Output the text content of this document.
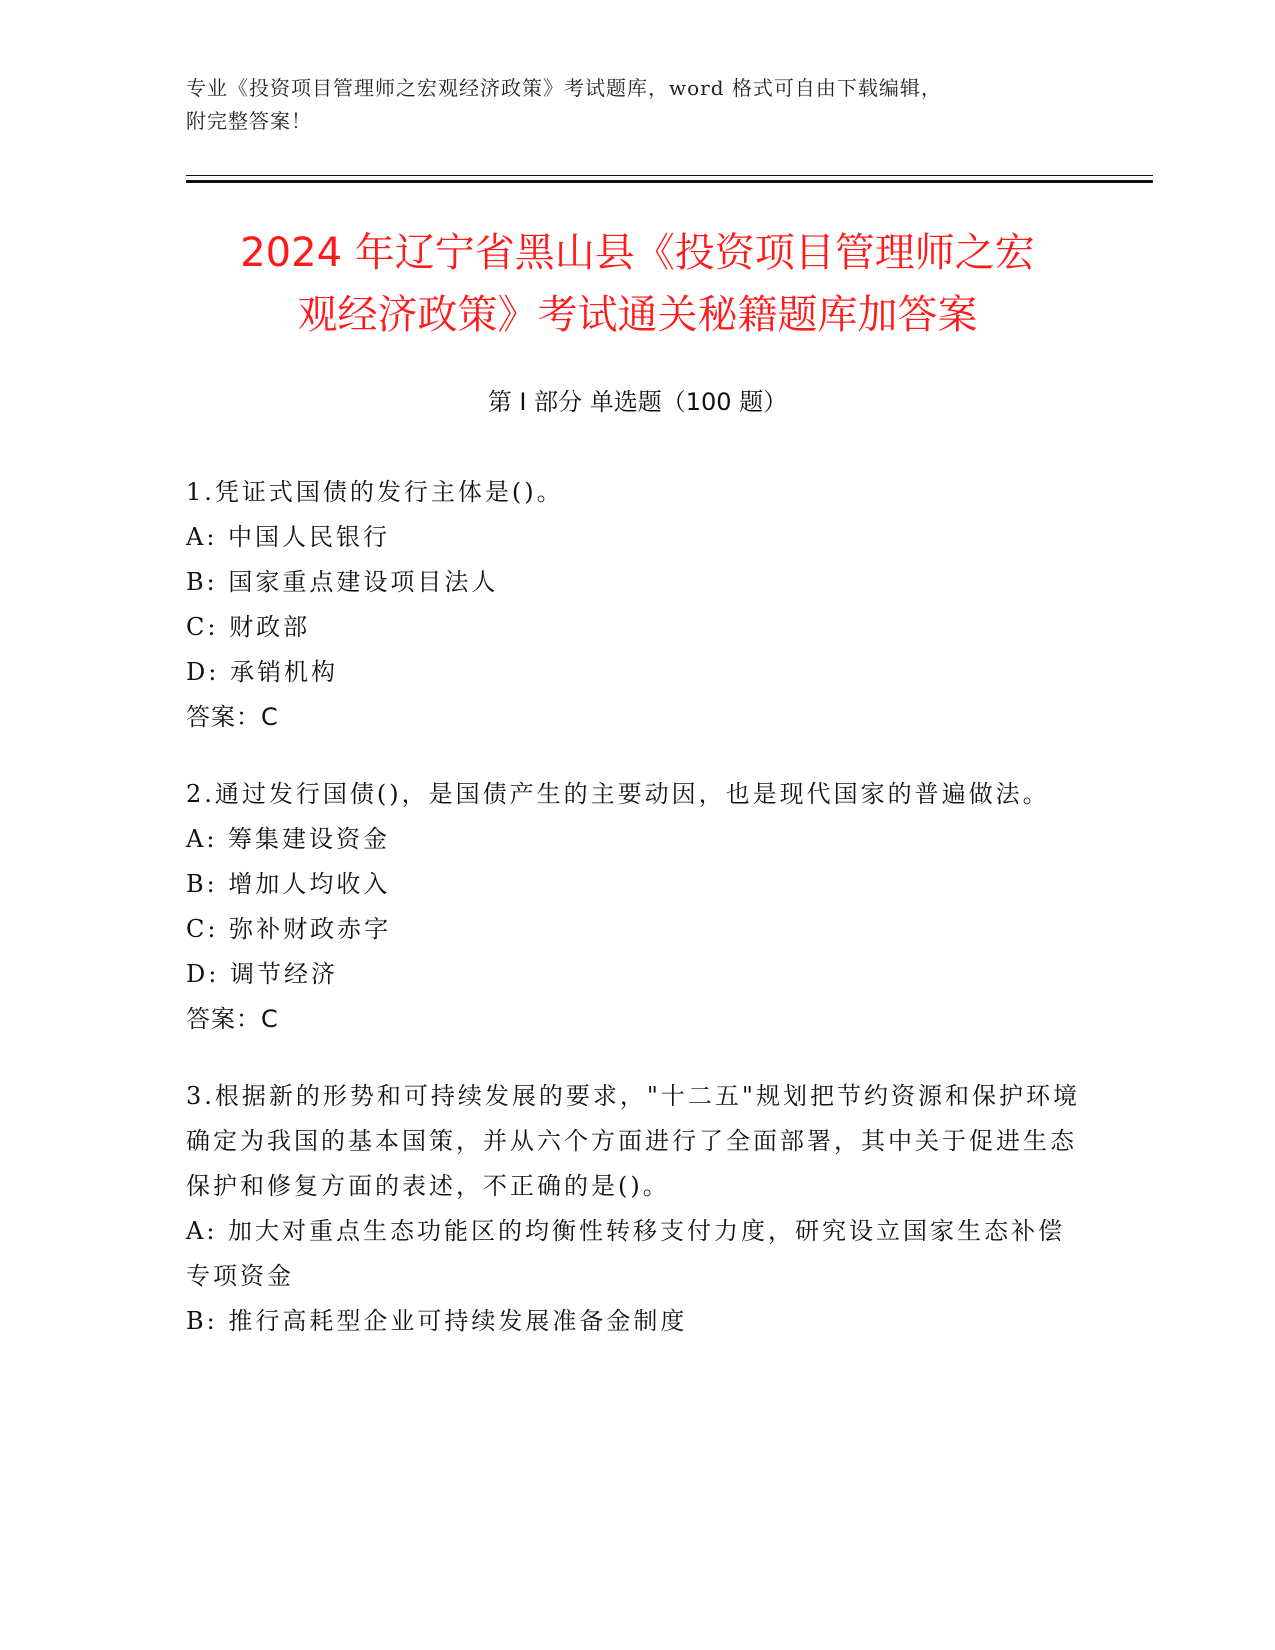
专业《投资项目管理师之宏观经济政策》考试题库，word 格式可自由下载编辑，
附完整答案！
2024 年辽宁省黑山县《投资项目管理师之宏
观经济政策》考试通关秘籍题库加答案
第 I 部分 单选题（100 题）

1.凭证式国债的发行主体是()。

A: 中国人民银行

B: 国家重点建设项目法人

C: 财政部

D: 承销机构

答案：C

2.通过发行国债()，是国债产生的主要动因，也是现代国家的普遍做法。

A: 筹集建设资金

B: 增加人均收入

C: 弥补财政赤字

D: 调节经济

答案：C

3.根据新的形势和可持续发展的要求，"十二五"规划把节约资源和保护环境确定为我国的基本国策，并从六个方面进行了全面部署，其中关于促进生态保护和修复方面的表述，不正确的是()。

A: 加大对重点生态功能区的均衡性转移支付力度，研究设立国家生态补偿专项资金

B: 推行高耗型企业可持续发展准备金制度
